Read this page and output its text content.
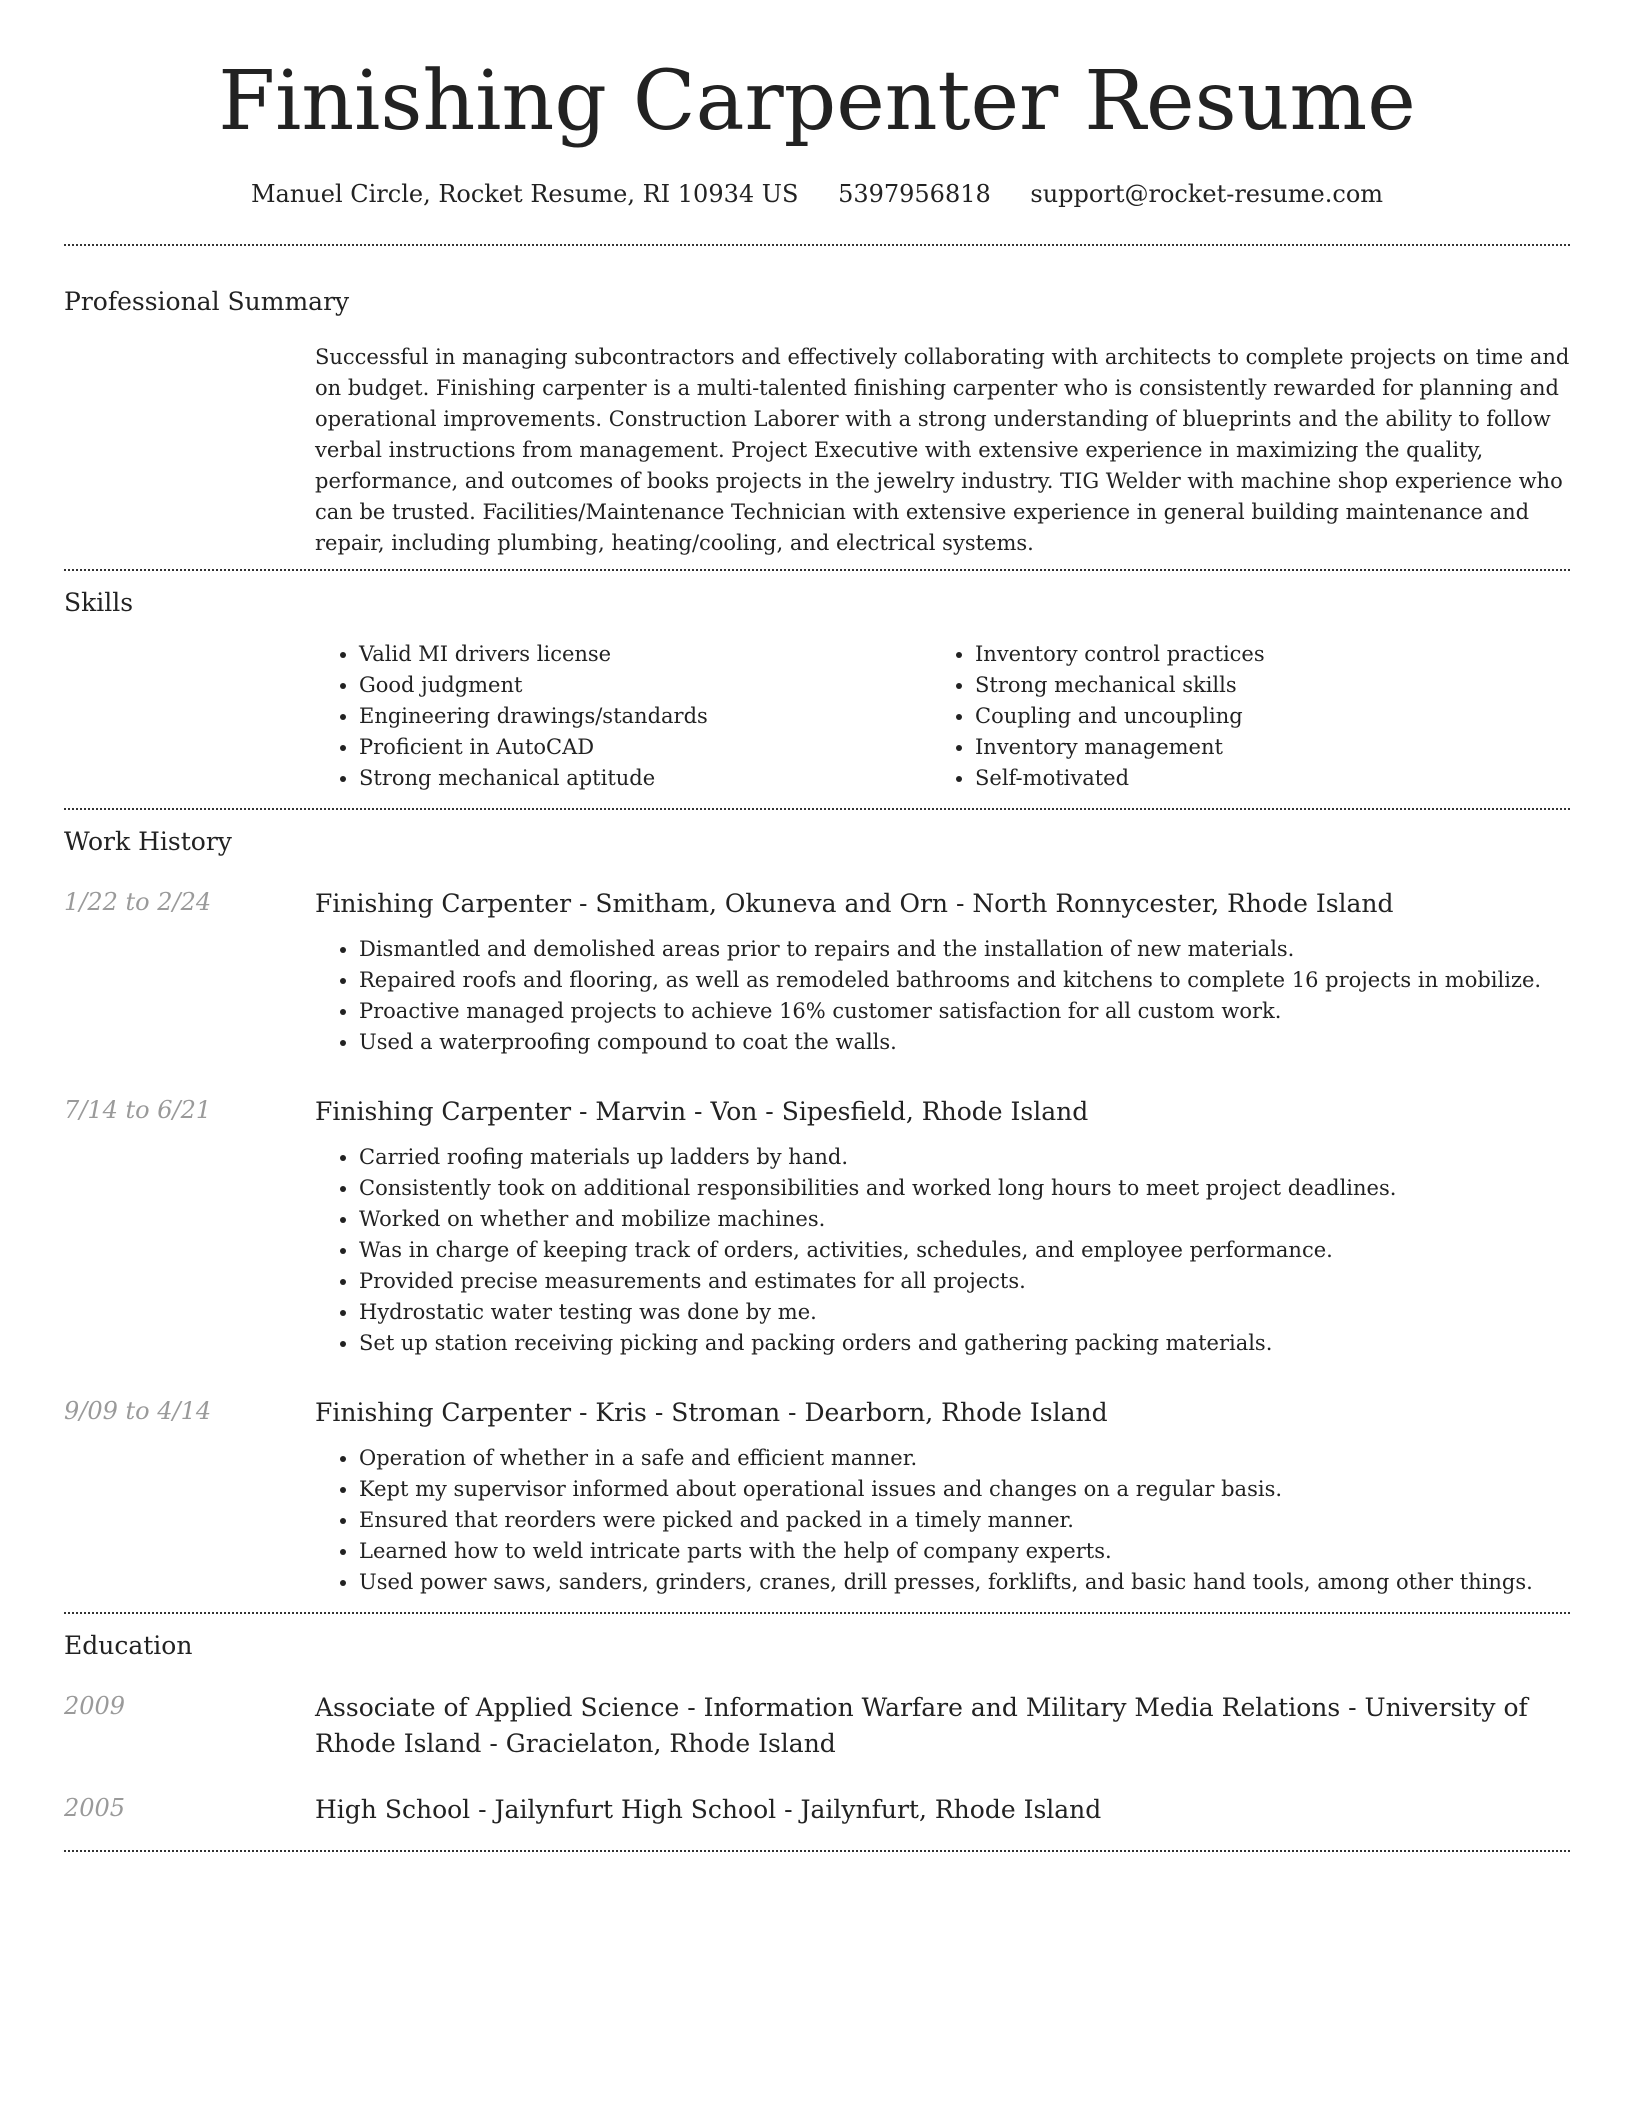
Finishing Carpenter Resume
Manuel Circle, Rocket Resume, RI 10934 US 5397956818 support@rocket-resume.com
Professional Summary

Successful in managing subcontractors and effectively collaborating with architects to complete projects on time and on budget. Finishing carpenter is a multi-talented finishing carpenter who is consistently rewarded for planning and operational improvements. Construction Laborer with a strong understanding of blueprints and the ability to follow verbal instructions from management. Project Executive with extensive experience in maximizing the quality, performance, and outcomes of books projects in the jewelry industry. TIG Welder with machine shop experience who can be trusted. Facilities/Maintenance Technician with extensive experience in general building maintenance and repair, including plumbing, heating/cooling, and electrical systems.

Skills
• Valid MI drivers license
• Good judgment
• Engineering drawings/standards
• Proficient in AutoCAD
• Strong mechanical aptitude
• Inventory control practices
• Strong mechanical skills
• Coupling and uncoupling
• Inventory management
• Self-motivated
Work History
1/22 to 2/24	Finishing Carpenter - Smitham, Okuneva and Orn - North Ronnycester, Rhode Island
• Dismantled and demolished areas prior to repairs and the installation of new materials.
• Repaired roofs and flooring, as well as remodeled bathrooms and kitchens to complete 16 projects in mobilize.
• Proactive managed projects to achieve 16% customer satisfaction for all custom work.
• Used a waterproofing compound to coat the walls.
7/14 to 6/21	Finishing Carpenter - Marvin - Von - Sipesfield, Rhode Island
• Carried roofing materials up ladders by hand.
• Consistently took on additional responsibilities and worked long hours to meet project deadlines.
• Worked on whether and mobilize machines.
• Was in charge of keeping track of orders, activities, schedules, and employee performance.
• Provided precise measurements and estimates for all projects.
• Hydrostatic water testing was done by me.
• Set up station receiving picking and packing orders and gathering packing materials.
9/09 to 4/14	Finishing Carpenter - Kris - Stroman - Dearborn, Rhode Island
• Operation of whether in a safe and efficient manner.
• Kept my supervisor informed about operational issues and changes on a regular basis.
• Ensured that reorders were picked and packed in a timely manner.
• Learned how to weld intricate parts with the help of company experts.
• Used power saws, sanders, grinders, cranes, drill presses, forklifts, and basic hand tools, among other things.
Education
2009	Associate of Applied Science - Information Warfare and Military Media Relations - University of Rhode Island - Gracielaton, Rhode Island
2005	High School - Jailynfurt High School - Jailynfurt, Rhode Island
